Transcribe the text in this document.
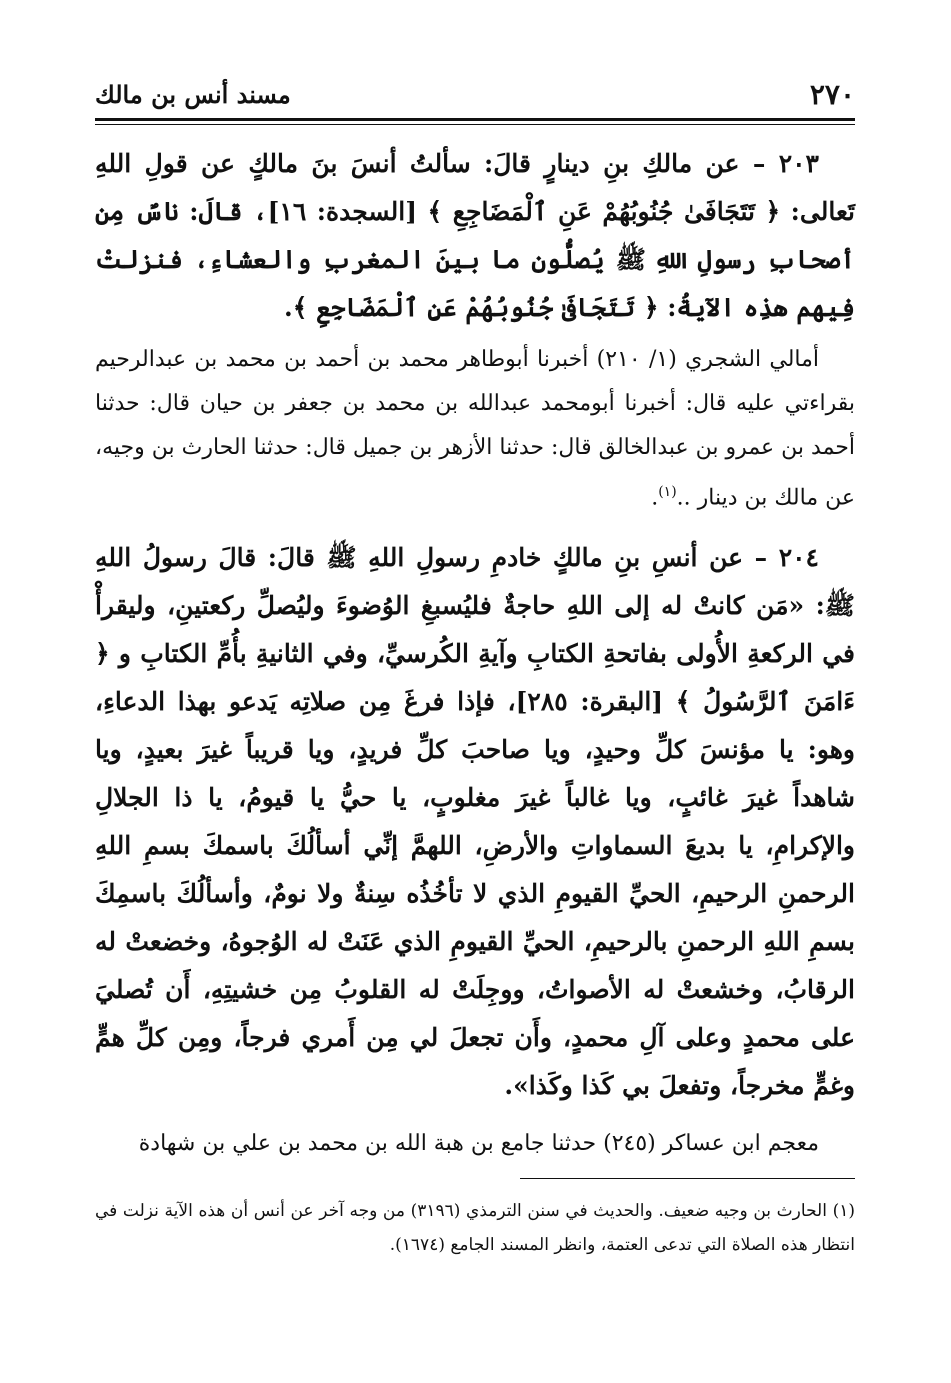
٢٧٠
مسند أنس بن مالك

٢٠٣ – عن مالكِ بنِ دينارٍ قالَ: سألتُ أنسَ بنَ مالكٍ عن قولِ اللهِ تَعالى: ﴿ تَتَجَافَىٰ جُنُوبُهُمْ عَنِ ٱلْمَضَاجِعِ ﴾ [السجدة: ١٦]، قالَ: ناسٌ مِن أصحابِ رسولِ اللهِ ﷺ يُصلُّون ما بينَ المغربِ والعشاءِ، فنزلتْ فِيهم هذِه الآيةُ: ﴿ تَتَجَافَىٰ جُنُوبُهُمْ عَنِ ٱلْمَضَاجِعِ ﴾.

أمالي الشجري (١/ ٢١٠) أخبرنا أبوطاهر محمد بن أحمد بن محمد بن عبدالرحيم بقراءتي عليه قال: أخبرنا أبومحمد عبدالله بن محمد بن جعفر بن حيان قال: حدثنا أحمد بن عمرو بن عبدالخالق قال: حدثنا الأزهر بن جميل قال: حدثنا الحارث بن وجيه، عن مالك بن دينار ..$^{(١)}$.

٢٠٤ – عن أنسِ بنِ مالكٍ خادمِ رسولِ اللهِ ﷺ قالَ: قالَ رسولُ اللهِ ﷺ: «مَن كانتْ له إلى اللهِ حاجةٌ فليُسبغِ الوُضوءَ وليُصلِّ ركعتينِ، وليقرأْ في الركعةِ الأُولى بفاتحةِ الكتابِ وآيةِ الكُرسيِّ، وفي الثانيةِ بأُمِّ الكتابِ و ﴿ ءَامَنَ ٱلرَّسُولُ ﴾ [البقرة: ٢٨٥]، فإذا فرغَ مِن صلاتِه يَدعو بهذا الدعاءِ، وهو: يا مؤنسَ كلِّ وحيدٍ، ويا صاحبَ كلِّ فريدٍ، ويا قريباً غيرَ بعيدٍ، ويا شاهداً غيرَ غائبٍ، ويا غالباً غيرَ مغلوبٍ، يا حيُّ يا قيومُ، يا ذا الجلالِ والإكرامِ، يا بديعَ السماواتِ والأرضِ، اللهمَّ إنِّي أسألُكَ باسمكَ بسمِ اللهِ الرحمنِ الرحيمِ، الحيِّ القيومِ الذي لا تأخُذُه سِنةٌ ولا نومٌ، وأسألُكَ باسمِكَ بسمِ اللهِ الرحمنِ بالرحيمِ، الحيِّ القيومِ الذي عَنَتْ له الوُجوهُ، وخضعتْ له الرقابُ، وخشعتْ له الأصواتُ، ووجِلَتْ له القلوبُ مِن خشيتِهِ، أَن تُصليَ على محمدٍ وعلى آلِ محمدٍ، وأَن تجعلَ لي مِن أَمري فرجاً، ومِن كلِّ همٍّ وغمٍّ مخرجاً، وتفعلَ بي كَذا وكَذا».

معجم ابن عساكر (٢٤٥) حدثنا جامع بن هبة الله بن محمد بن علي بن شهادة

(١) الحارث بن وجيه ضعيف. والحديث في سنن الترمذي (٣١٩٦) من وجه آخر عن أنس أن هذه الآية نزلت في انتظار هذه الصلاة التي تدعى العتمة، وانظر المسند الجامع (١٦٧٤).
